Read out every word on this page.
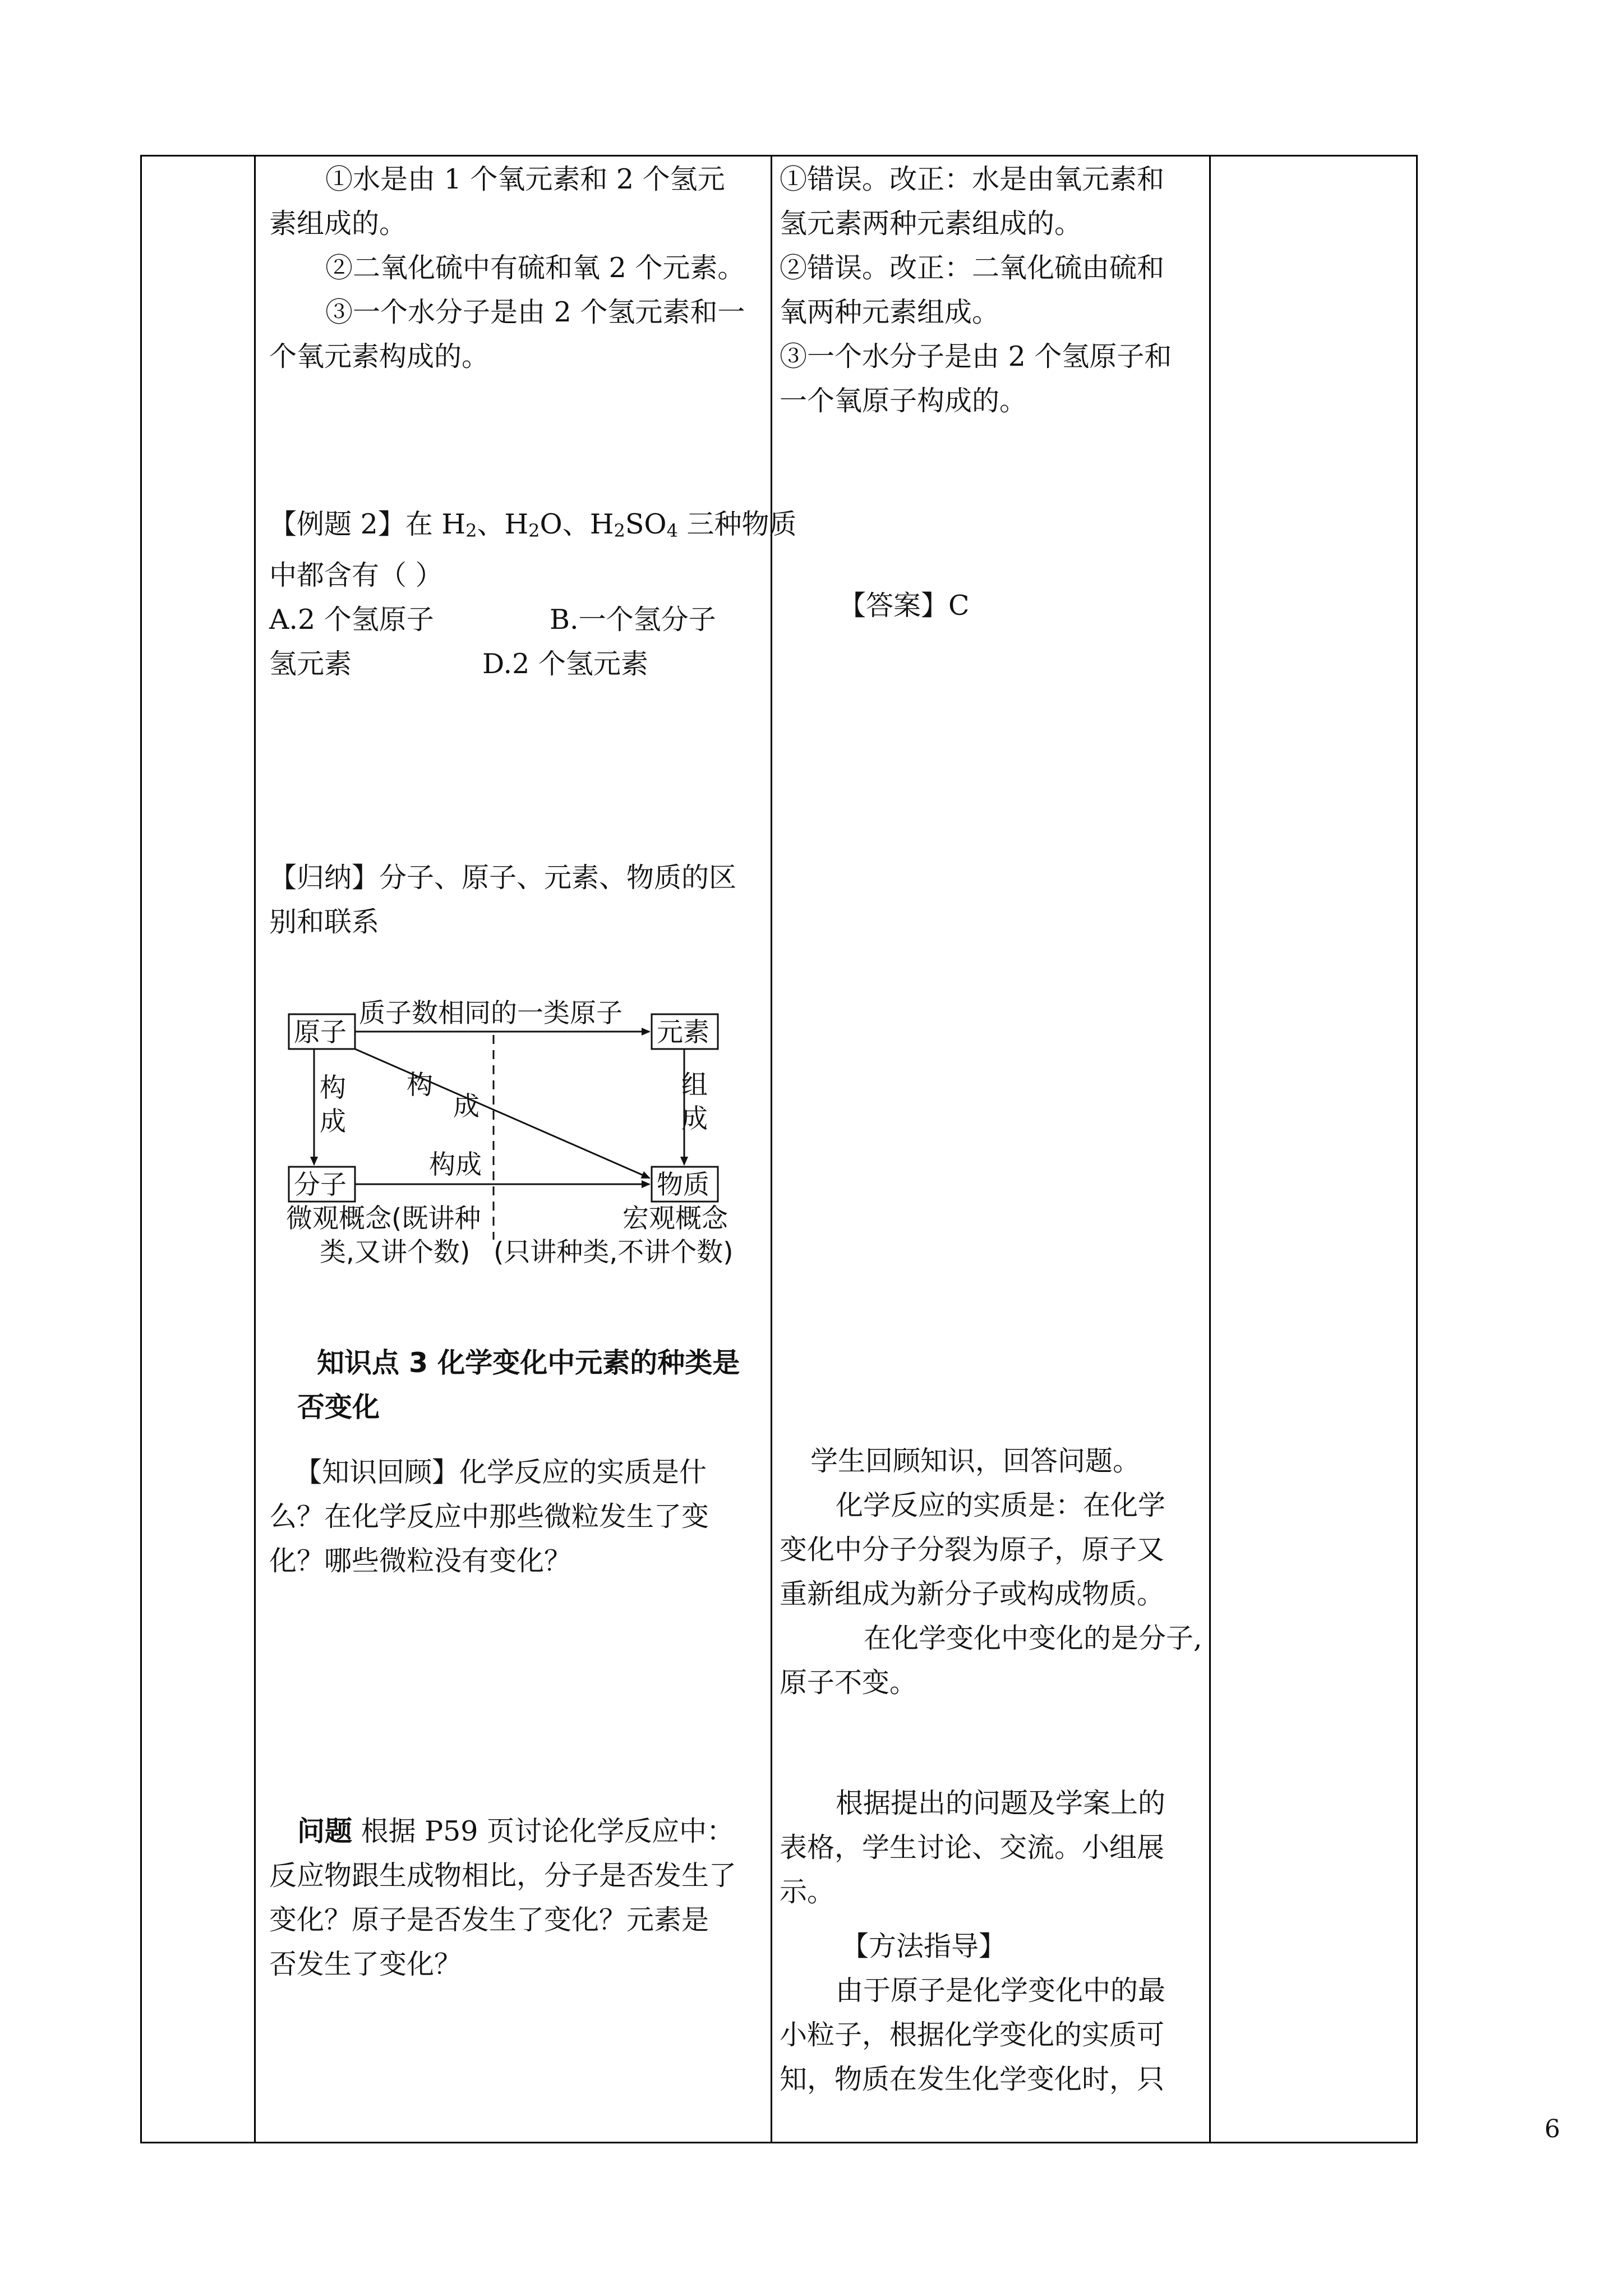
①水是由 1 个氧元素和 2 个氢元

素组成的。

②二氧化硫中有硫和氧 2 个元素。

③一个水分子是由 2 个氢元素和一

个氧元素构成的。

【例题 2】在 $H_2$、$H_2O$、$H_2SO_4$ 三种物质

中都含有（ ）

A.2 个氢原子	B.一个氢分子

氢元素	D.2 个氢元素

【归纳】分子、原子、元素、物质的区

别和联系

原子	元素
分子	物质
质子数相同的一类原子
构
成
构
成
组
成
构成
微观概念(既讲种
类,又讲个数)
宏观概念
(只讲种类,不讲个数)

知识点 3 化学变化中元素的种类是

否变化

【知识回顾】化学反应的实质是什

么？在化学反应中那些微粒发生了变

化？哪些微粒没有变化？

问题 根据 P59 页讨论化学反应中：

反应物跟生成物相比，分子是否发生了

变化？原子是否发生了变化？元素是

否发生了变化？

①错误。改正：水是由氧元素和

氢元素两种元素组成的。

②错误。改正：二氧化硫由硫和

氧两种元素组成。

③一个水分子是由 2 个氢原子和

一个氧原子构成的。

【答案】C

学生回顾知识，回答问题。

化学反应的实质是：在化学

变化中分子分裂为原子，原子又

重新组成为新分子或构成物质。

在化学变化中变化的是分子,

原子不变。

根据提出的问题及学案上的

表格，学生讨论、交流。小组展

示。

【方法指导】

由于原子是化学变化中的最

小粒子，根据化学变化的实质可

知，物质在发生化学变化时，只

6
